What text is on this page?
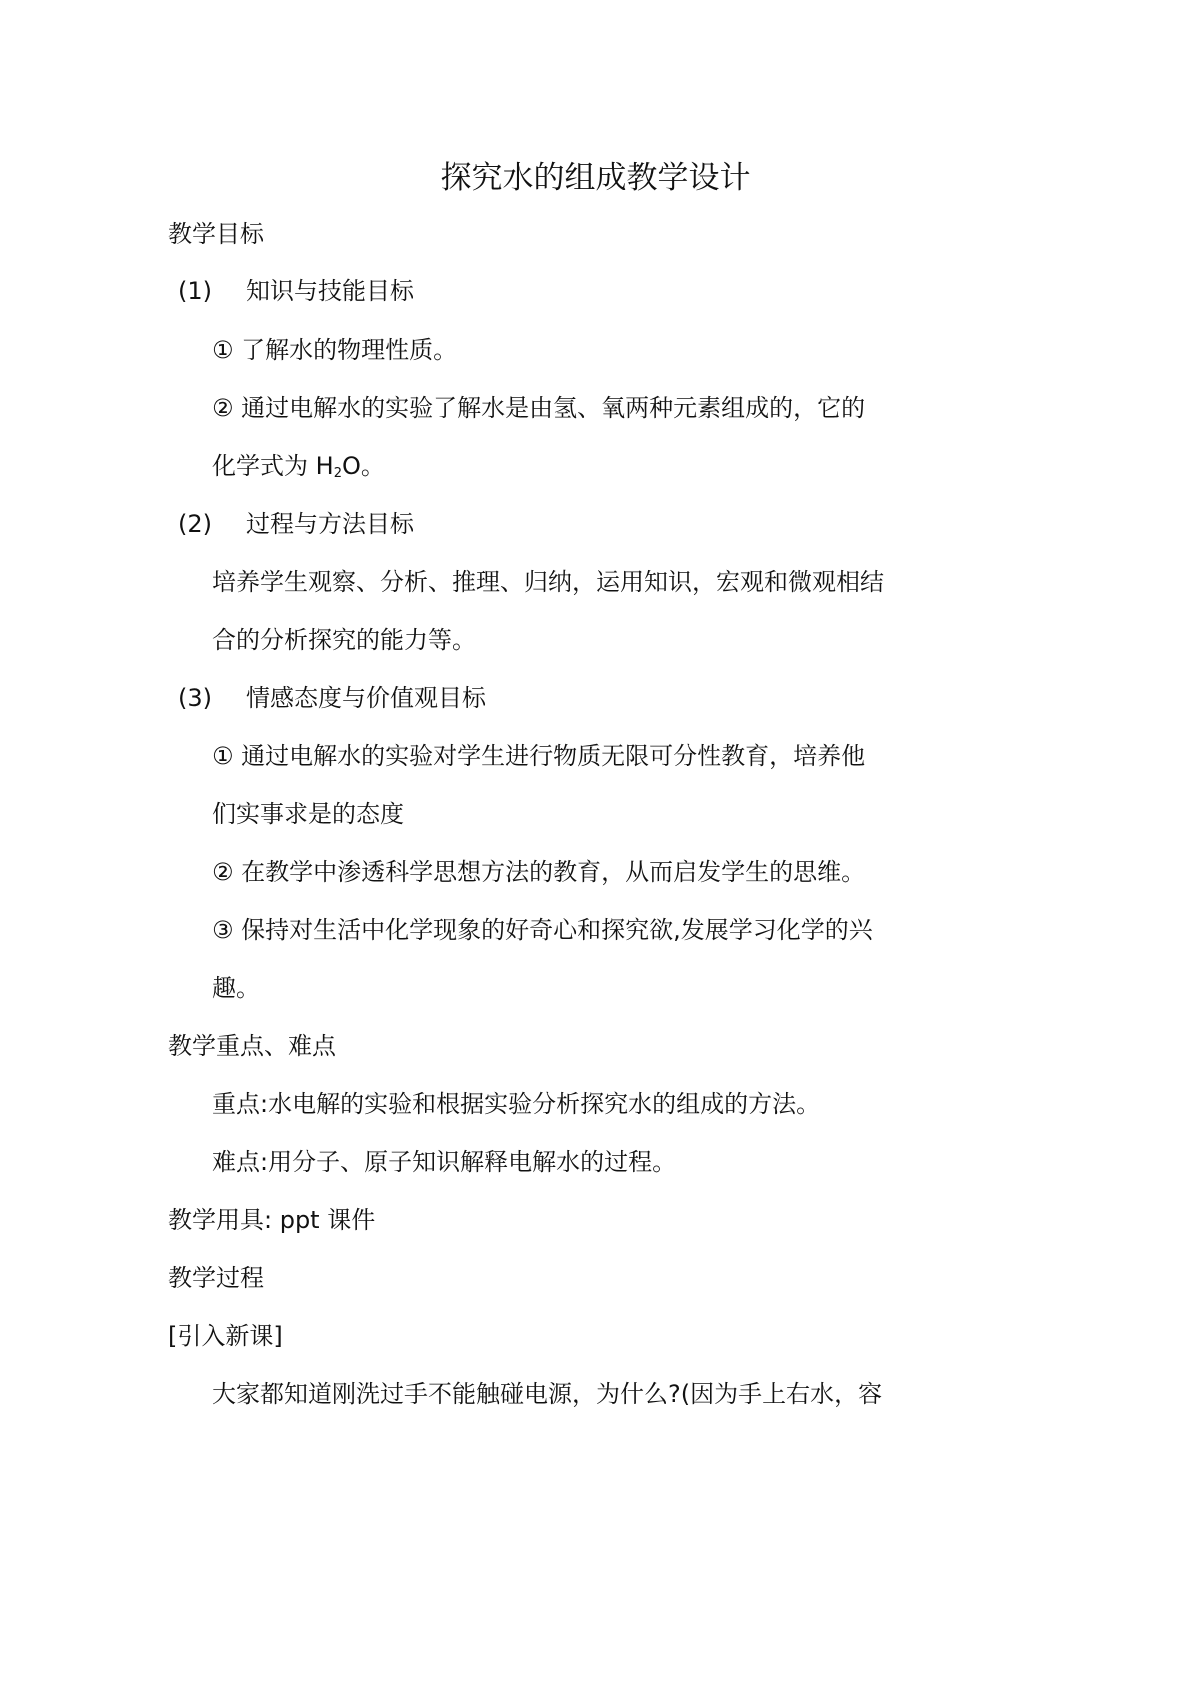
探究水的组成教学设计
教学目标
(1) 知识与技能目标
① 了解水的物理性质。
② 通过电解水的实验了解水是由氢、氧两种元素组成的，它的
化学式为 $H_2O$。
(2) 过程与方法目标
培养学生观察、分析、推理、归纳，运用知识，宏观和微观相结
合的分析探究的能力等。
(3) 情感态度与价值观目标
① 通过电解水的实验对学生进行物质无限可分性教育，培养他
们实事求是的态度
② 在教学中渗透科学思想方法的教育，从而启发学生的思维。
③ 保持对生活中化学现象的好奇心和探究欲,发展学习化学的兴
趣。
教学重点、难点
重点:水电解的实验和根据实验分析探究水的组成的方法。
难点:用分子、原子知识解释电解水的过程。
教学用具: ppt 课件
教学过程
[引入新课]
大家都知道刚洗过手不能触碰电源，为什么?(因为手上右水，容
